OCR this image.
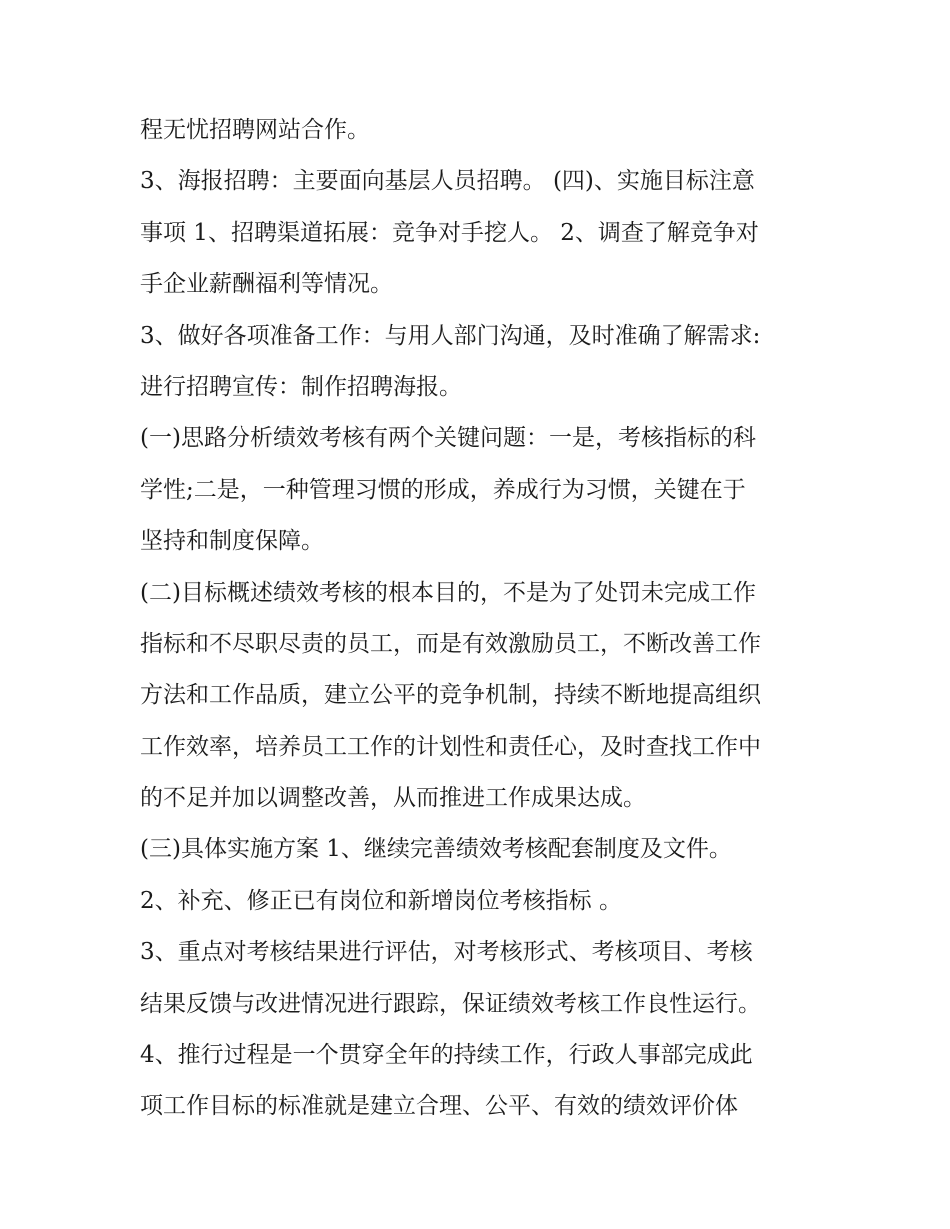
程无忧招聘网站合作。
3、海报招聘：主要面向基层人员招聘。 (四)、实施目标注意
事项 1、招聘渠道拓展：竞争对手挖人。 2、调查了解竞争对
手企业薪酬福利等情况。
3、做好各项准备工作：与用人部门沟通，及时准确了解需求:
进行招聘宣传：制作招聘海报。
(一)思路分析绩效考核有两个关键问题：一是，考核指标的科
学性;二是，一种管理习惯的形成，养成行为习惯，关键在于
坚持和制度保障。
(二)目标概述绩效考核的根本目的，不是为了处罚未完成工作
指标和不尽职尽责的员工，而是有效激励员工，不断改善工作
方法和工作品质，建立公平的竞争机制，持续不断地提高组织
工作效率，培养员工工作的计划性和责任心，及时查找工作中
的不足并加以调整改善，从而推进工作成果达成。
(三)具体实施方案 1、继续完善绩效考核配套制度及文件。
2、补充、修正已有岗位和新增岗位考核指标 。
3、重点对考核结果进行评估，对考核形式、考核项目、考核
结果反馈与改进情况进行跟踪，保证绩效考核工作良性运行。
4、推行过程是一个贯穿全年的持续工作，行政人事部完成此
项工作目标的标准就是建立合理、公平、有效的绩效评价体
